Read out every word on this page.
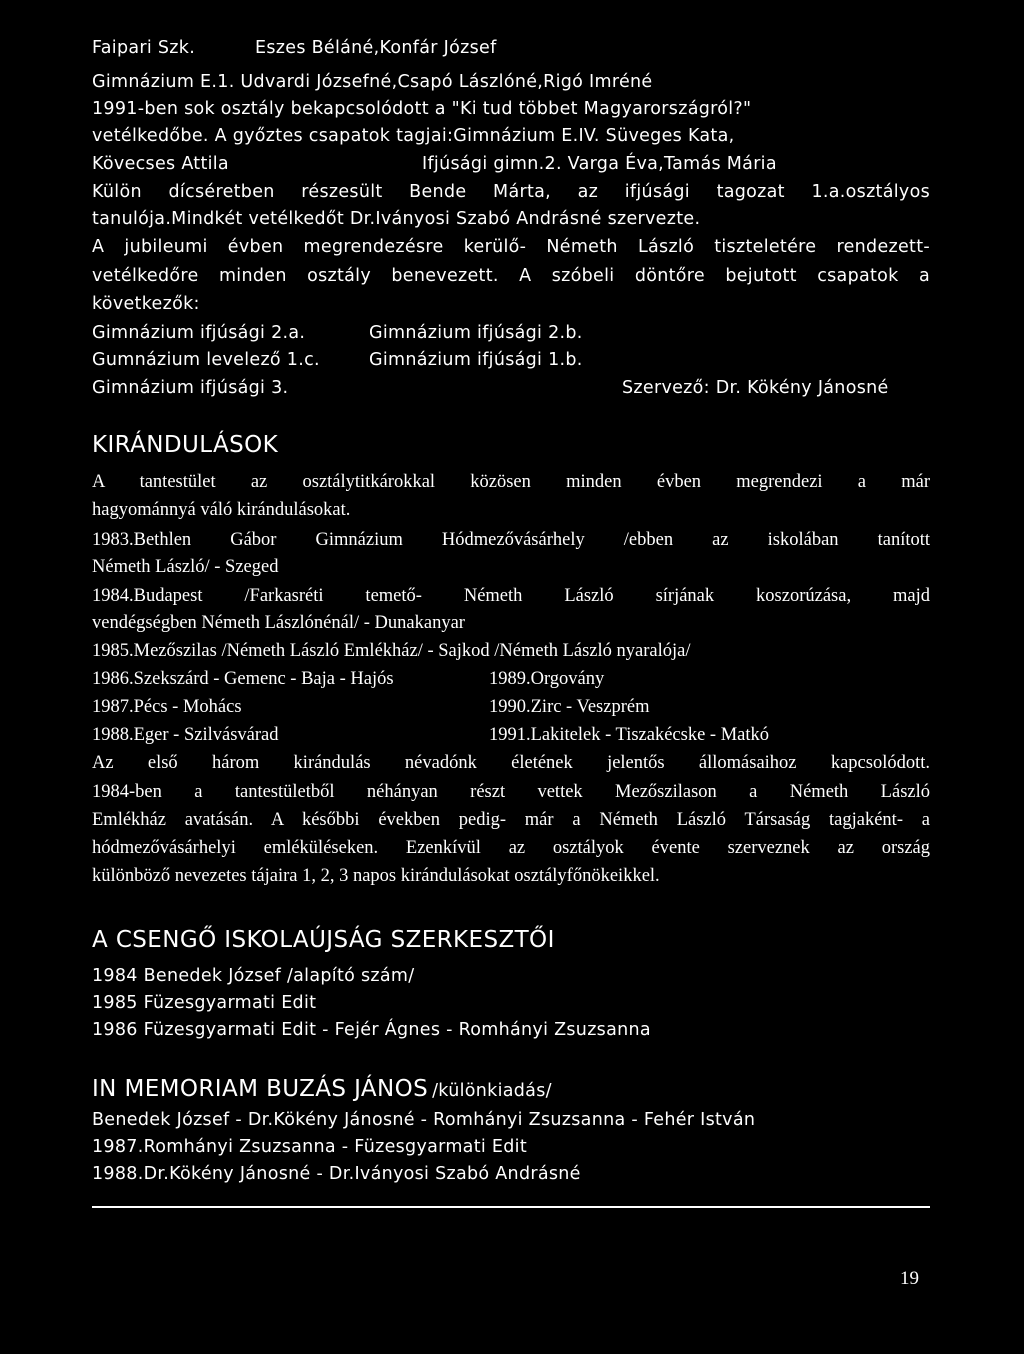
Faipari Szk.	Eszes Béláné,Konfár József
Gimnázium E.1. Udvardi Józsefné,Csapó Lászlóné,Rigó Imréné
1991-ben sok osztály bekapcsolódott a "Ki tud többet Magyarországról?"
vetélkedőbe. A győztes csapatok tagjai:Gimnázium E.IV. Süveges Kata,
Kövecses Attila	Ifjúsági gimn.2. Varga Éva,Tamás Mária
Külön dícséretben részesült Bende Márta, az ifjúsági tagozat 1.a.osztályos
tanulója.Mindkét vetélkedőt Dr.Iványosi Szabó Andrásné szervezte.
A jubileumi évben megrendezésre kerülő- Németh László tiszteletére rendezett-
vetélkedőre minden osztály benevezett. A szóbeli döntőre bejutott csapatok a
következők:
Gimnázium ifjúsági 2.a.	Gimnázium ifjúsági 2.b.
Gumnázium levelező 1.c.	Gimnázium ifjúsági 1.b.
Gimnázium ifjúsági 3.	Szervező: Dr. Kökény Jánosné
KIRÁNDULÁSOK
A tantestület az osztálytitkárokkal közösen minden évben megrendezi a már
hagyománnyá váló kirándulásokat.
1983.Bethlen Gábor Gimnázium Hódmezővásárhely /ebben az iskolában tanított
Németh László/ - Szeged
1984.Budapest /Farkasréti temető- Németh László sírjának koszorúzása, majd
vendégségben Németh Lászlónénál/ - Dunakanyar
1985.Mezőszilas /Németh László Emlékház/ - Sajkod /Németh László nyaralója/
1986.Szekszárd - Gemenc - Baja - Hajós	1989.Orgovány
1987.Pécs - Mohács	1990.Zirc - Veszprém
1988.Eger - Szilvásvárad	1991.Lakitelek - Tiszakécske - Matkó
Az első három kirándulás névadónk életének jelentős állomásaihoz kapcsolódott.
1984-ben a tantestületből néhányan részt vettek Mezőszilason a Németh László
Emlékház avatásán. A későbbi években pedig- már a Németh László Társaság tagjaként- a
hódmezővásárhelyi emléküléseken. Ezenkívül az osztályok évente szerveznek az ország
különböző nevezetes tájaira 1, 2, 3 napos kirándulásokat osztályfőnökeikkel.
A CSENGŐ ISKOLAÚJSÁG SZERKESZTŐI
1984 Benedek József /alapító szám/
1985 Füzesgyarmati Edit
1986 Füzesgyarmati Edit - Fejér Ágnes - Romhányi Zsuzsanna
IN MEMORIAM BUZÁS JÁNOS /különkiadás/
Benedek József - Dr.Kökény Jánosné - Romhányi Zsuzsanna - Fehér István
1987.Romhányi Zsuzsanna - Füzesgyarmati Edit
1988.Dr.Kökény Jánosné - Dr.Iványosi Szabó Andrásné
19
